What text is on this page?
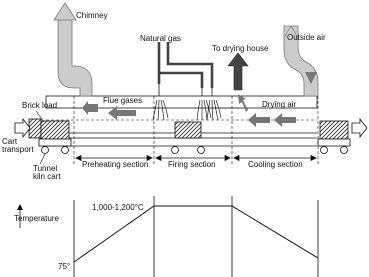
Chimney
Natural gas
To drying house
Outside air
Brick load
Flue gases	Drying air
Cart
transport
Tunnel
kiln cart
Preheating section Firing section	Cooling section
Temperature
1,000-1,200°C
75°
